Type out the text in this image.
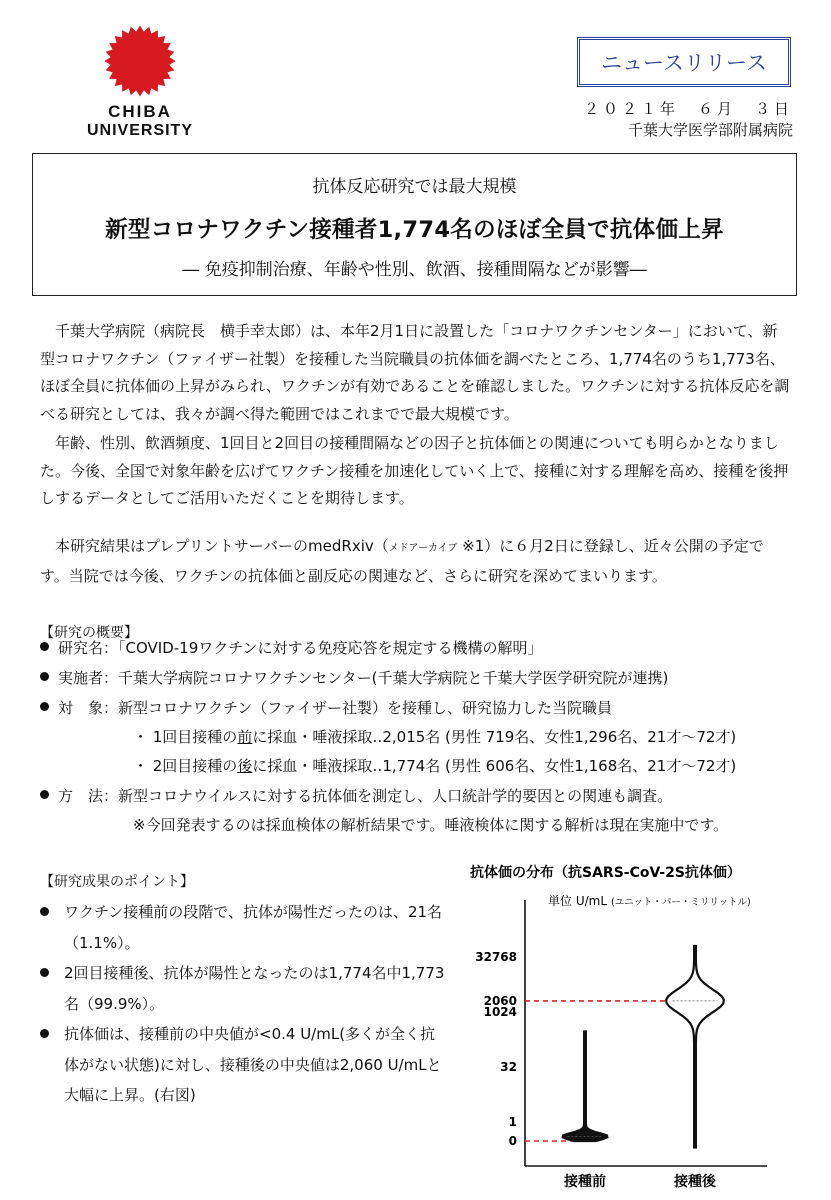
CHIBA
UNIVERSITY
ニュースリリース
２０２１年　６月　３日
千葉大学医学部附属病院
抗体反応研究では最大規模
新型コロナワクチン接種者1,774名のほぼ全員で抗体価上昇
― 免疫抑制治療、年齢や性別、飲酒、接種間隔などが影響―

　千葉大学病院（病院長　横手幸太郎）は、本年2月1日に設置した「コロナワクチンセンター」において、新型コロナワクチン（ファイザー社製）を接種した当院職員の抗体価を調べたところ、1,774名のうち1,773名、ほぼ全員に抗体価の上昇がみられ、ワクチンが有効であることを確認しました。ワクチンに対する抗体反応を調べる研究としては、我々が調べ得た範囲ではこれまでで最大規模です。

　年齢、性別、飲酒頻度、1回目と2回目の接種間隔などの因子と抗体価との関連についても明らかとなりました。今後、全国で対象年齢を広げてワクチン接種を加速化していく上で、接種に対する理解を高め、接種を後押しするデータとしてご活用いただくことを期待します。

　本研究結果はプレプリントサーバーのmedRxiv（メドアーカイブ ※1）に６月2日に登録し、近々公開の予定です。当院では今後、ワクチンの抗体価と副反応の関連など、さらに研究を深めてまいります。

【研究の概要】
研究名：「COVID-19ワクチンに対する免疫応答を規定する機構の解明」
実施者：千葉大学病院コロナワクチンセンター(千葉大学病院と千葉大学医学研究院が連携)
対　象：新型コロナワクチン（ファイザー社製）を接種し、研究協力した当院職員
・ 1回目接種の前に採血・唾液採取‥2,015名 (男性 719名、女性1,296名、21才～72才)
・ 2回目接種の後に採血・唾液採取‥1,774名 (男性 606名、女性1,168名、21才～72才)
方　法：新型コロナウイルスに対する抗体価を測定し、人口統計学的要因との関連も調査。
※今回発表するのは採血検体の解析結果です。唾液検体に関する解析は現在実施中です。
【研究成果のポイント】
ワクチン接種前の段階で、抗体が陽性だったのは、21名（1.1%）。
2回目接種後、抗体が陽性となったのは1,774名中1,773名（99.9%）。
抗体価は、接種前の中央値が<0.4 U/mL(多くが全く抗体がない状態)に対し、接種後の中央値は2,060 U/mLと大幅に上昇。(右図)
抗体価の分布（抗SARS-CoV-2S抗体価）
単位 U/mL (ユニット・パー・ミリリットル)
32768
2060
1024
32
1
0
接種前	接種後
